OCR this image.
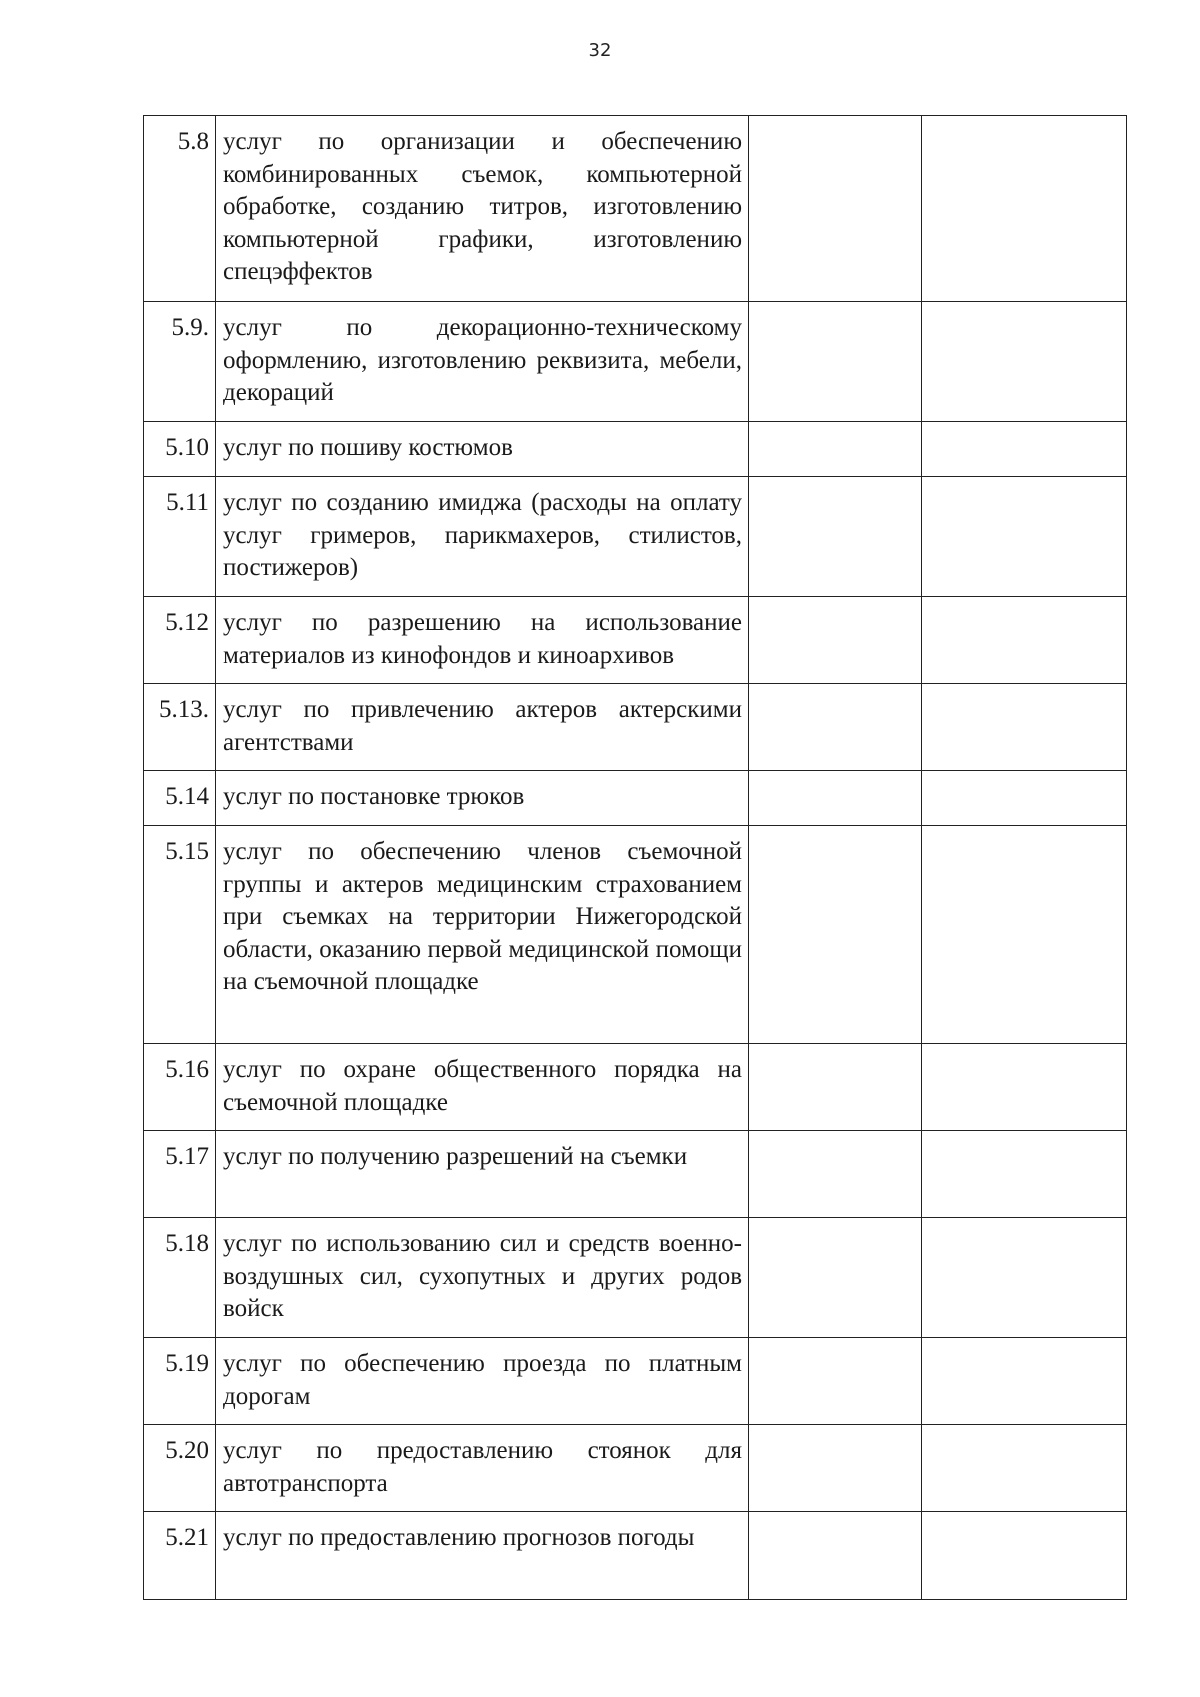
32
5.8	услуг по организации и обеспечению комбинированных съемок, компьютерной обработке, созданию титров, изготовлению компьютерной графики, изготовлению спецэффектов		
5.9.	услуг по декорационно-техническому оформлению, изготовлению реквизита, мебели, декораций		
5.10	услуг по пошиву костюмов		
5.11	услуг по созданию имиджа (расходы на оплату услуг гримеров, парикмахеров, стилистов, постижеров)		
5.12	услуг по разрешению на использование материалов из кинофондов и киноархивов		
5.13.	услуг по привлечению актеров актерскими агентствами		
5.14	услуг по постановке трюков		
5.15	услуг по обеспечению членов съемочной группы и актеров медицинским страхованием при съемках на территории Нижегородской области, оказанию первой медицинской помощи на съемочной площадке		
5.16	услуг по охране общественного порядка на съемочной площадке		
5.17	услуг по получению разрешений на съемки		
5.18	услуг по использованию сил и средств военно-воздушных сил, сухопутных и других родов войск		
5.19	услуг по обеспечению проезда по платным дорогам		
5.20	услуг по предоставлению стоянок для автотранспорта		
5.21	услуг по предоставлению прогнозов погоды		
